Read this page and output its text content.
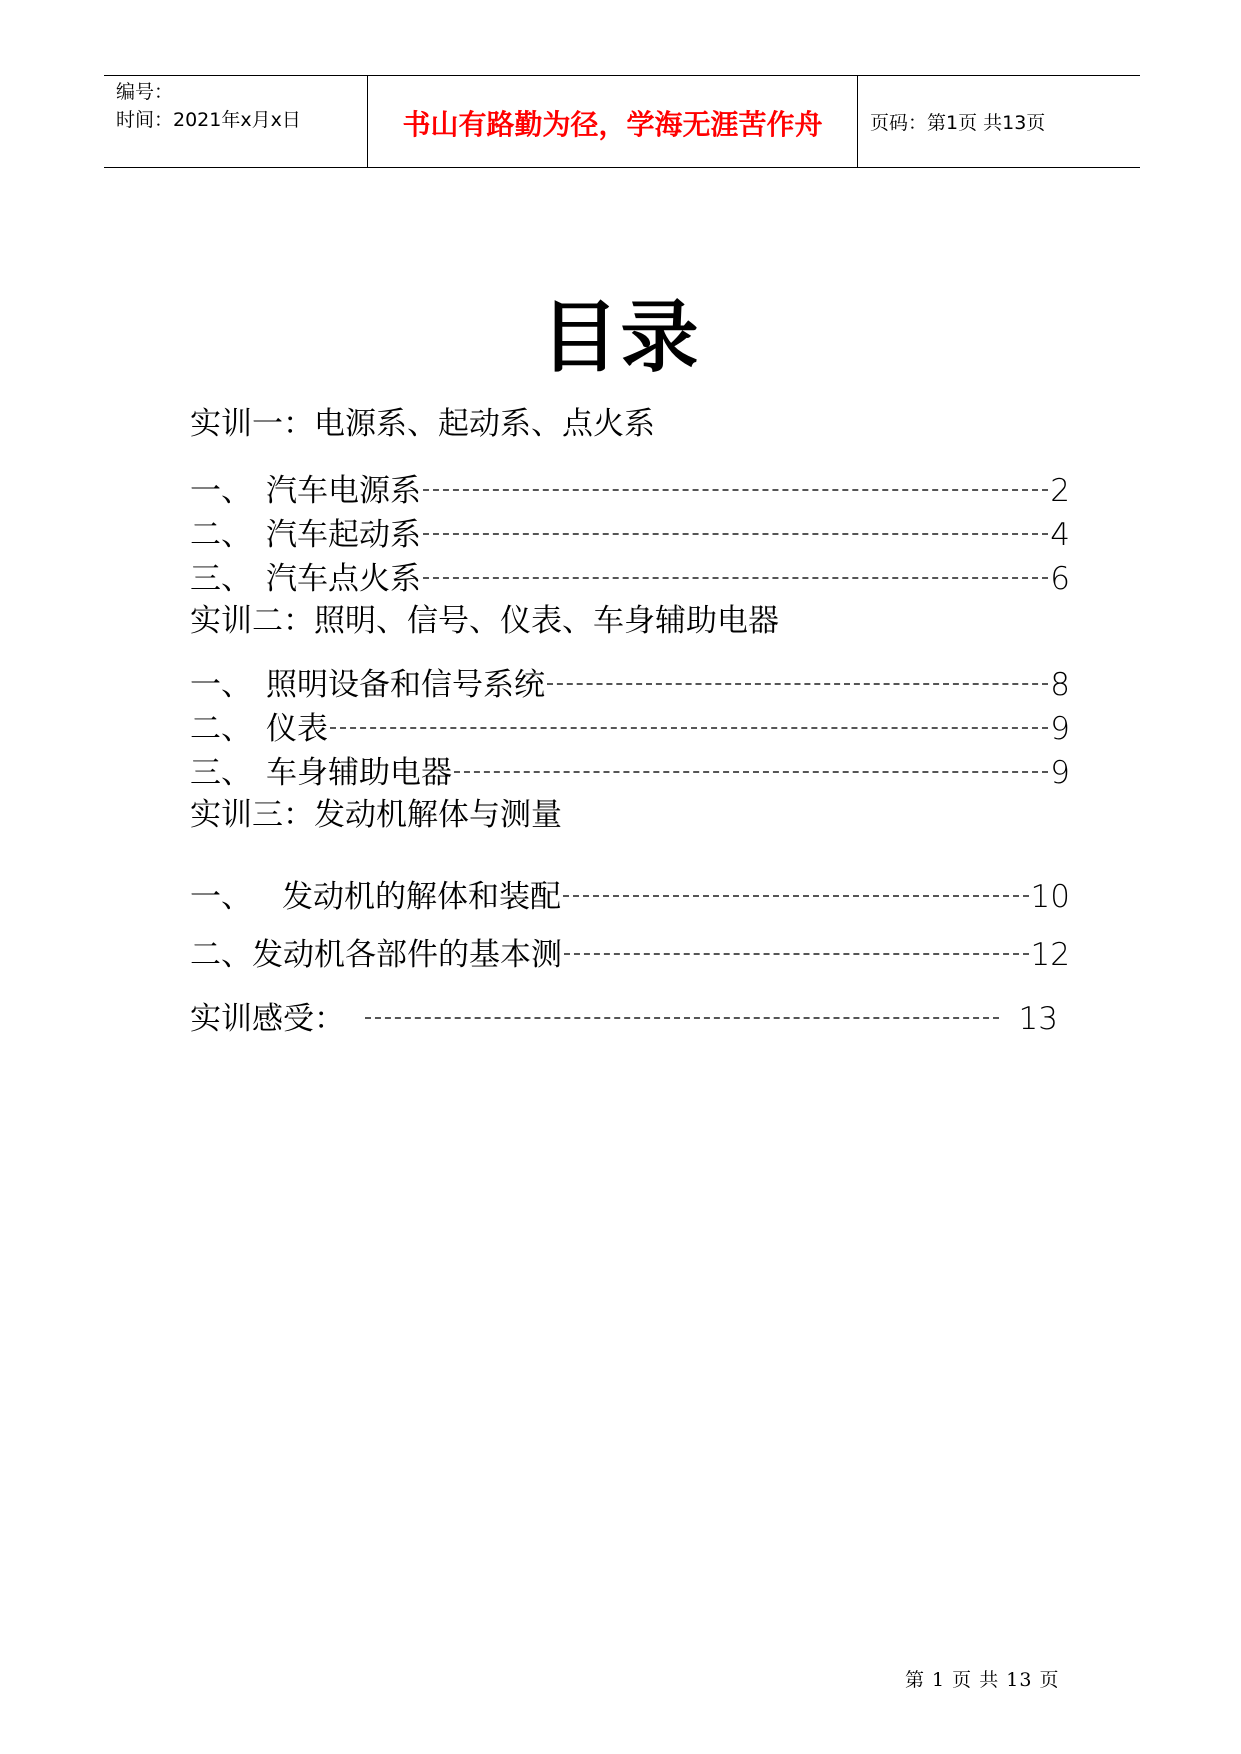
编号：
时间：2021年x月x日	书山有路勤为径，学海无涯苦作舟	页码：第1页 共13页
目录
实训一：电源系、起动系、点火系
一、 汽车电源系	2
二、 汽车起动系	4
三、 汽车点火系	6
实训二：照明、信号、仪表、车身辅助电器
一、 照明设备和信号系统	8
二、 仪表	9
三、 车身辅助电器	9
实训三：发动机解体与测量
一、 发动机的解体和装配	10
二、 发动机各部件的基本测	12
实训感受：	13
第 1 页 共 13 页
